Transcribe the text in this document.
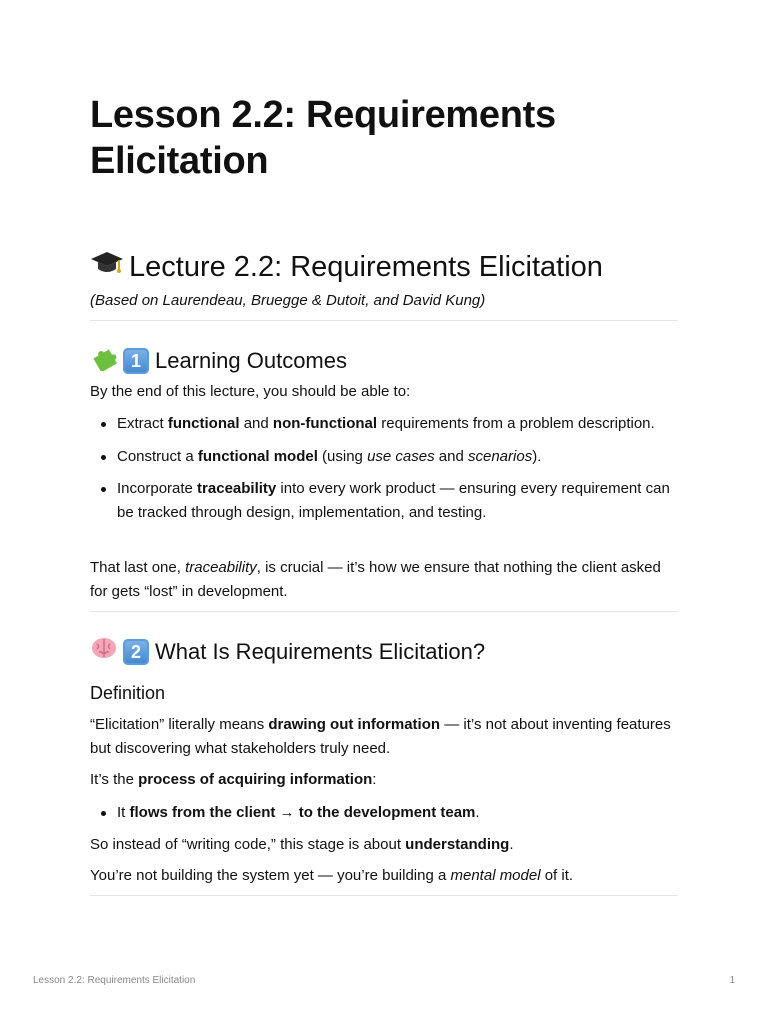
Lesson 2.2: Requirements Elicitation
Lecture 2.2: Requirements Elicitation

(Based on Laurendeau, Bruegge & Dutoit, and David Kung)

1 Learning Outcomes

By the end of this lecture, you should be able to:

Extract functional and non-functional requirements from a problem description.
Construct a functional model (using use cases and scenarios).
Incorporate traceability into every work product — ensuring every requirement can be tracked through design, implementation, and testing.

That last one, traceability, is crucial — it’s how we ensure that nothing the client asked for gets “lost” in development.

2 What Is Requirements Elicitation?
Definition

“Elicitation” literally means drawing out information — it’s not about inventing features but discovering what stakeholders truly need.

It’s the process of acquiring information:

It flows from the client → to the development team.

So instead of “writing code,” this stage is about understanding.

You’re not building the system yet — you’re building a mental model of it.

Lesson 2.2: Requirements Elicitation	1
